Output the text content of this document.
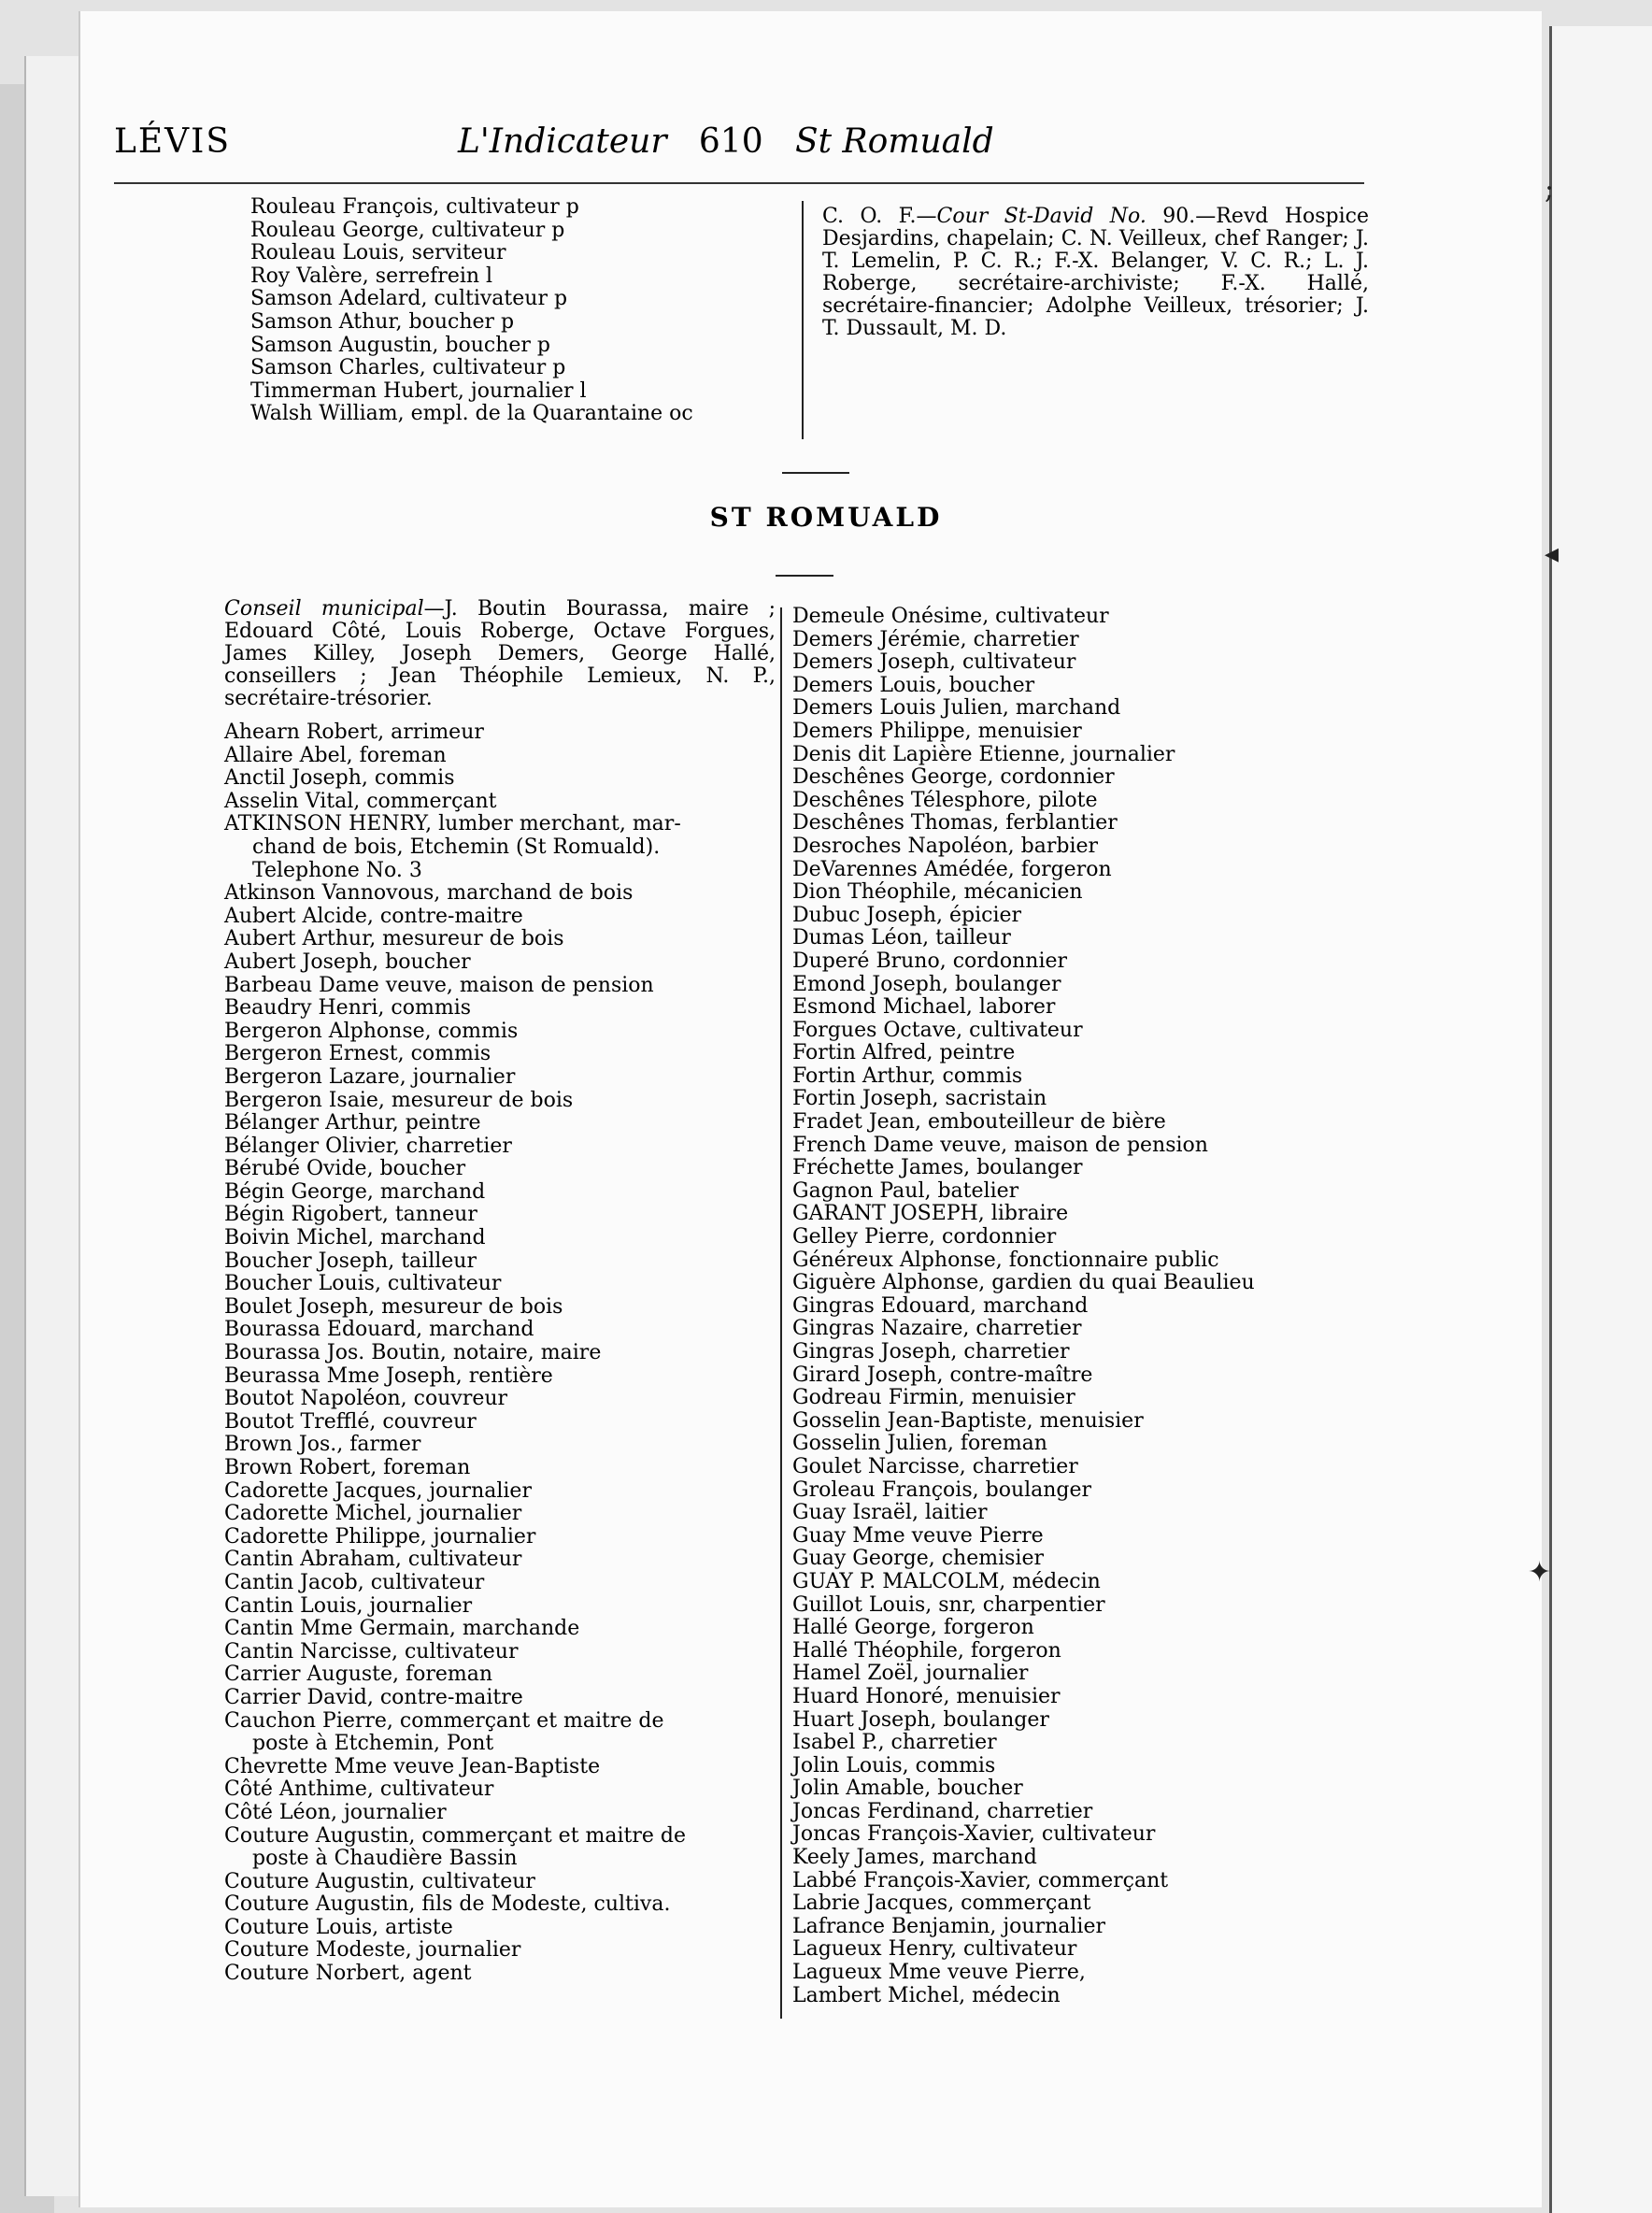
;
◂
✦
LÉVIS	L'Indicateur 610 St Romuald
Rouleau François, cultivateur p
Rouleau George, cultivateur p
Rouleau Louis, serviteur
Roy Valère, serrefrein l
Samson Adelard, cultivateur p
Samson Athur, boucher p
Samson Augustin, boucher p
Samson Charles, cultivateur p
Timmerman Hubert, journalier l
Walsh William, empl. de la Quarantaine oc

C. O. F.—Cour St-David No. 90.—Revd Hospice Desjardins, chapelain; C. N. Veilleux, chef Ranger; J. T. Lemelin, P. C. R.; F.-X. Belanger, V. C. R.; L. J. Roberge, secrétaire-archiviste; F.-X. Hallé, secrétaire-financier; Adolphe Veilleux, trésorier; J. T. Dussault, M. D.

ST ROMUALD

Conseil municipal—J. Boutin Bourassa, maire ; Edouard Côté, Louis Roberge, Octave Forgues, James Killey, Joseph Demers, George Hallé, conseillers ; Jean Théophile Lemieux, N. P., secrétaire-trésorier.

Ahearn Robert, arrimeur
Allaire Abel, foreman
Anctil Joseph, commis
Asselin Vital, commerçant
ATKINSON HENRY, lumber merchant, mar-
chand de bois, Etchemin (St Romuald).
Telephone No. 3
Atkinson Vannovous, marchand de bois
Aubert Alcide, contre-maitre
Aubert Arthur, mesureur de bois
Aubert Joseph, boucher
Barbeau Dame veuve, maison de pension
Beaudry Henri, commis
Bergeron Alphonse, commis
Bergeron Ernest, commis
Bergeron Lazare, journalier
Bergeron Isaie, mesureur de bois
Bélanger Arthur, peintre
Bélanger Olivier, charretier
Bérubé Ovide, boucher
Bégin George, marchand
Bégin Rigobert, tanneur
Boivin Michel, marchand
Boucher Joseph, tailleur
Boucher Louis, cultivateur
Boulet Joseph, mesureur de bois
Bourassa Edouard, marchand
Bourassa Jos. Boutin, notaire, maire
Beurassa Mme Joseph, rentière
Boutot Napoléon, couvreur
Boutot Trefflé, couvreur
Brown Jos., farmer
Brown Robert, foreman
Cadorette Jacques, journalier
Cadorette Michel, journalier
Cadorette Philippe, journalier
Cantin Abraham, cultivateur
Cantin Jacob, cultivateur
Cantin Louis, journalier
Cantin Mme Germain, marchande
Cantin Narcisse, cultivateur
Carrier Auguste, foreman
Carrier David, contre-maitre
Cauchon Pierre, commerçant et maitre de
poste à Etchemin, Pont
Chevrette Mme veuve Jean-Baptiste
Côté Anthime, cultivateur
Côté Léon, journalier
Couture Augustin, commerçant et maitre de
poste à Chaudière Bassin
Couture Augustin, cultivateur
Couture Augustin, fils de Modeste, cultiva.
Couture Louis, artiste
Couture Modeste, journalier
Couture Norbert, agent
Demeule Onésime, cultivateur
Demers Jérémie, charretier
Demers Joseph, cultivateur
Demers Louis, boucher
Demers Louis Julien, marchand
Demers Philippe, menuisier
Denis dit Lapière Etienne, journalier
Deschênes George, cordonnier
Deschênes Télesphore, pilote
Deschênes Thomas, ferblantier
Desroches Napoléon, barbier
DeVarennes Amédée, forgeron
Dion Théophile, mécanicien
Dubuc Joseph, épicier
Dumas Léon, tailleur
Duperé Bruno, cordonnier
Emond Joseph, boulanger
Esmond Michael, laborer
Forgues Octave, cultivateur
Fortin Alfred, peintre
Fortin Arthur, commis
Fortin Joseph, sacristain
Fradet Jean, embouteilleur de bière
French Dame veuve, maison de pension
Fréchette James, boulanger
Gagnon Paul, batelier
GARANT JOSEPH, libraire
Gelley Pierre, cordonnier
Généreux Alphonse, fonctionnaire public
Giguère Alphonse, gardien du quai Beaulieu
Gingras Edouard, marchand
Gingras Nazaire, charretier
Gingras Joseph, charretier
Girard Joseph, contre-maître
Godreau Firmin, menuisier
Gosselin Jean-Baptiste, menuisier
Gosselin Julien, foreman
Goulet Narcisse, charretier
Groleau François, boulanger
Guay Israël, laitier
Guay Mme veuve Pierre
Guay George, chemisier
GUAY P. MALCOLM, médecin
Guillot Louis, snr, charpentier
Hallé George, forgeron
Hallé Théophile, forgeron
Hamel Zoël, journalier
Huard Honoré, menuisier
Huart Joseph, boulanger
Isabel P., charretier
Jolin Louis, commis
Jolin Amable, boucher
Joncas Ferdinand, charretier
Joncas François-Xavier, cultivateur
Keely James, marchand
Labbé François-Xavier, commerçant
Labrie Jacques, commerçant
Lafrance Benjamin, journalier
Lagueux Henry, cultivateur
Lagueux Mme veuve Pierre,
Lambert Michel, médecin
